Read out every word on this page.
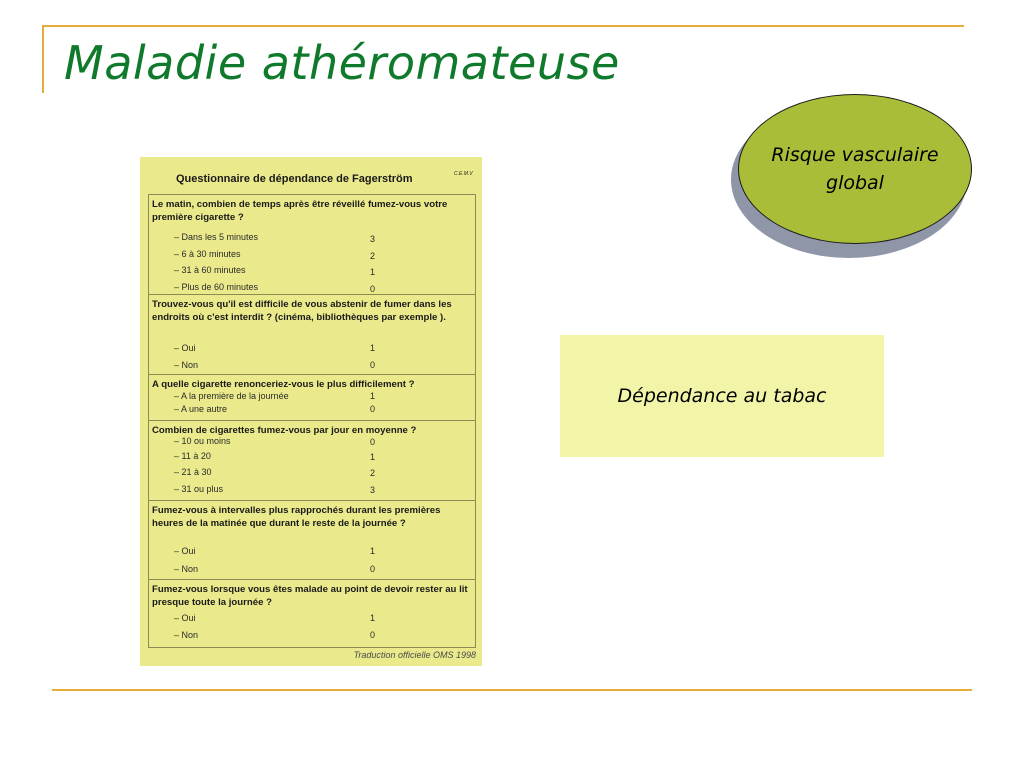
Maladie athéromateuse
Questionnaire de dépendance de Fagerström	C.E.M.V
Le matin, combien de temps après être réveillé fumez-vous votre première cigarette ?
– Dans les 5 minutes	3
– 6 à 30 minutes	2
– 31 à 60 minutes	1
– Plus de 60 minutes	0
Trouvez-vous qu'il est difficile de vous abstenir de fumer dans les endroits où c'est interdit ? (cinéma, bibliothèques par exemple ).
– Oui	1
– Non	0
A quelle cigarette renonceriez-vous le plus difficilement ?
– A la première de la journée	1
– A une autre	0
Combien de cigarettes fumez-vous par jour en moyenne ?
– 10 ou moins	0
– 11 à 20	1
– 21 à 30	2
– 31 ou plus	3
Fumez-vous à intervalles plus rapprochés durant les premières heures de la matinée que durant le reste de la journée ?
– Oui	1
– Non	0
Fumez-vous lorsque vous êtes malade au point de devoir rester au lit presque toute la journée ?
– Oui	1
– Non	0
Traduction officielle OMS 1998
Risque vasculaire global
Dépendance au tabac
